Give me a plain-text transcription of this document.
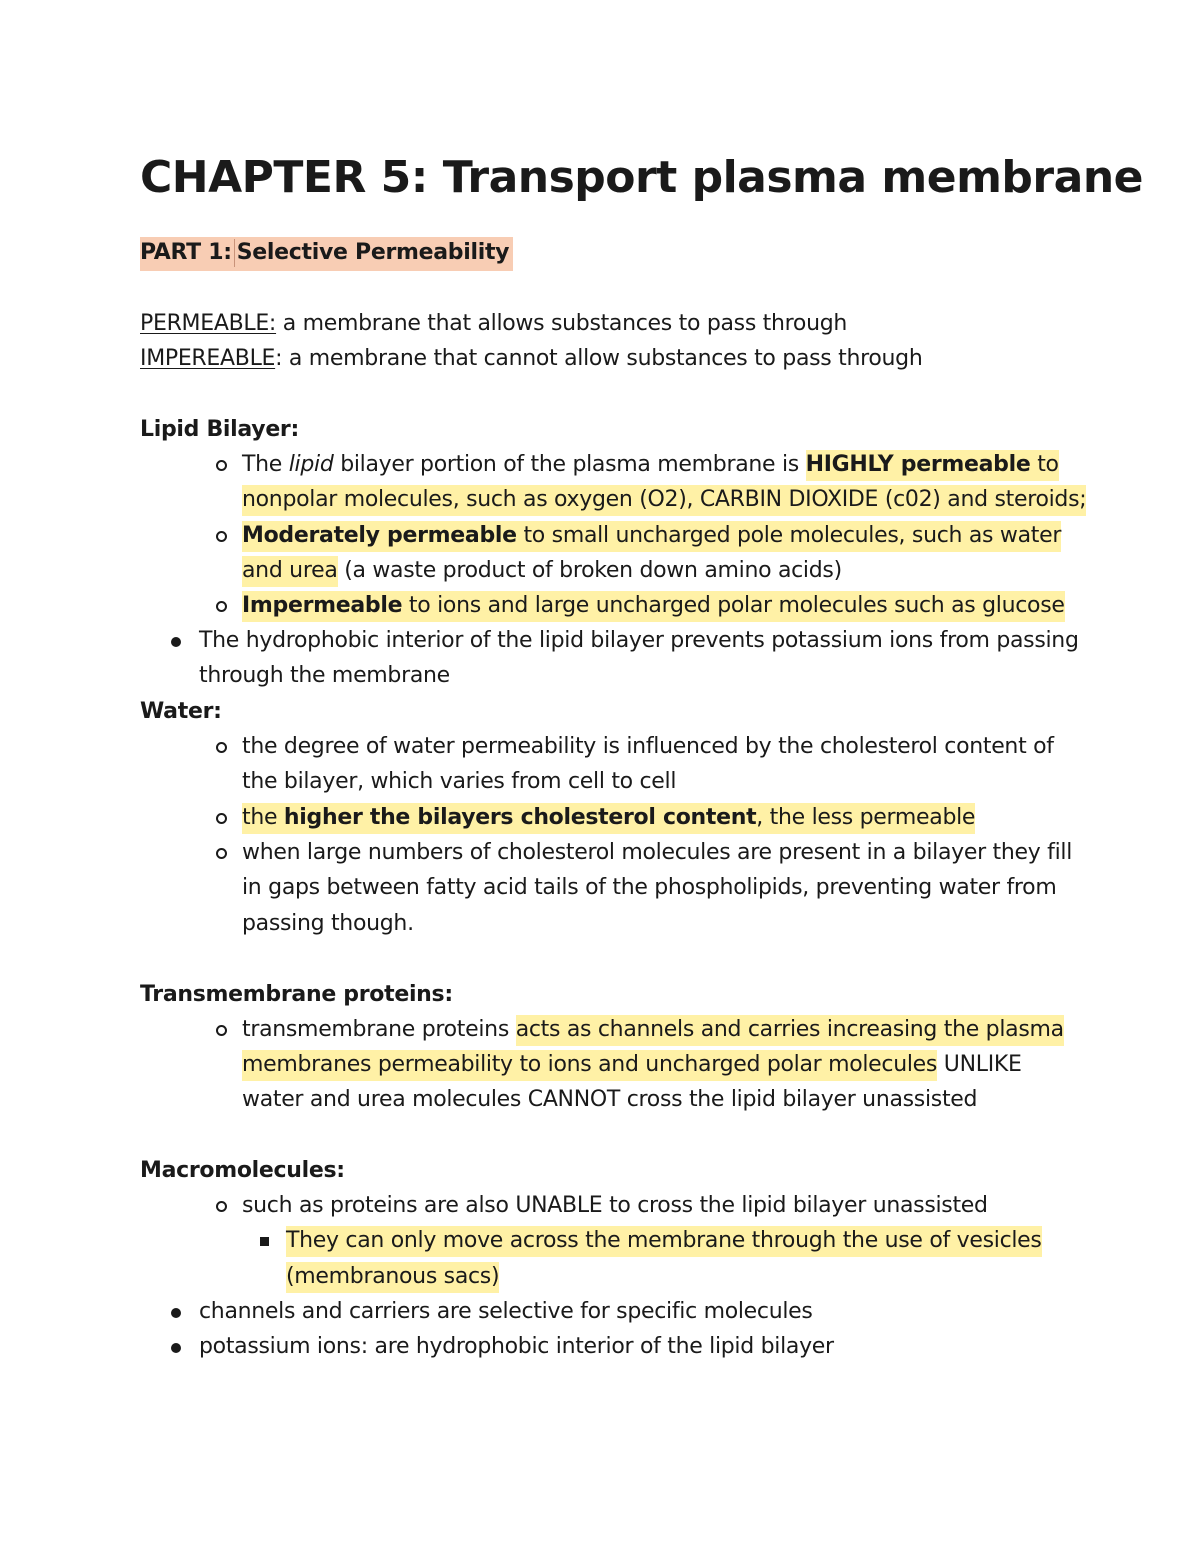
CHAPTER 5: Transport plasma membrane
PART 1: Selective Permeability
PERMEABLE: a membrane that allows substances to pass through
IMPEREABLE: a membrane that cannot allow substances to pass through
Lipid Bilayer:
The lipid bilayer portion of the plasma membrane is HIGHLY permeable to
nonpolar molecules, such as oxygen (O2), CARBIN DIOXIDE (c02) and steroids;
Moderately permeable to small uncharged pole molecules, such as water
and urea (a waste product of broken down amino acids)
Impermeable to ions and large uncharged polar molecules such as glucose
The hydrophobic interior of the lipid bilayer prevents potassium ions from passing
through the membrane
Water:
the degree of water permeability is influenced by the cholesterol content of
the bilayer, which varies from cell to cell
the higher the bilayers cholesterol content, the less permeable
when large numbers of cholesterol molecules are present in a bilayer they fill
in gaps between fatty acid tails of the phospholipids, preventing water from
passing though.
Transmembrane proteins:
transmembrane proteins acts as channels and carries increasing the plasma
membranes permeability to ions and uncharged polar molecules UNLIKE
water and urea molecules CANNOT cross the lipid bilayer unassisted
Macromolecules:
such as proteins are also UNABLE to cross the lipid bilayer unassisted
They can only move across the membrane through the use of vesicles
(membranous sacs)
channels and carriers are selective for specific molecules
potassium ions: are hydrophobic interior of the lipid bilayer
